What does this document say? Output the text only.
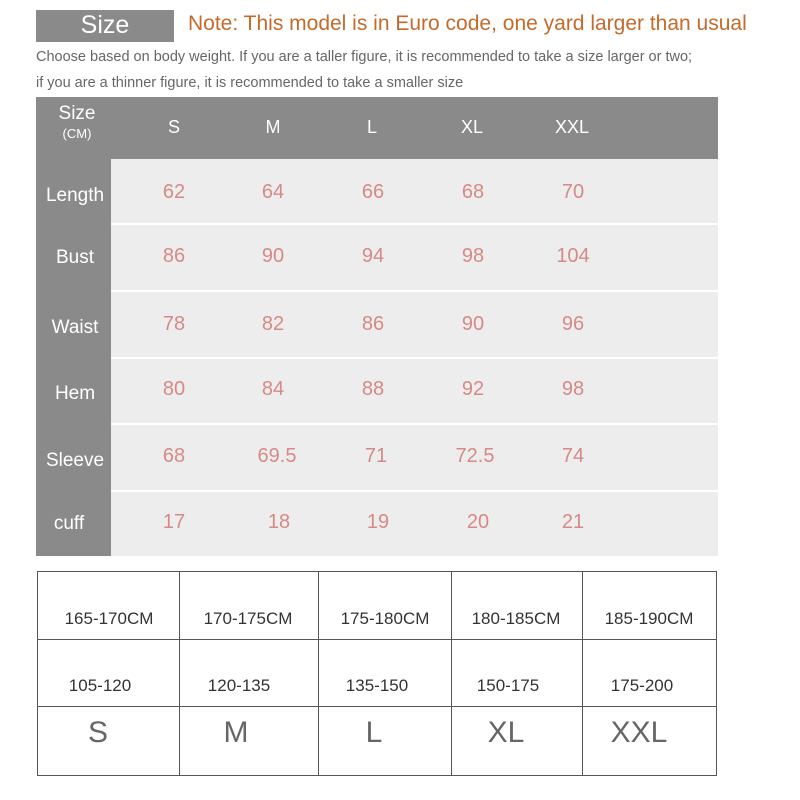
Size	Note: This model is in Euro code, one yard larger than usual
Choose based on body weight. If you are a taller figure, it is recommended to take a size larger or two;
if you are a thinner figure, it is recommended to take a smaller size
Size
(CM)	S	M	L	XL	XXL
Length	62	64	66	68	70
Bust	86	90	94	98	104
Waist	78	82	86	90	96
Hem	80	84	88	92	98
Sleeve	68	69.5	71	72.5	74
cuff	17	18	19	20	21
165-170CM	170-175CM	175-180CM	180-185CM	185-190CM
105-120	120-135	135-150	150-175	175-200
S	M	L	XL	XXL
